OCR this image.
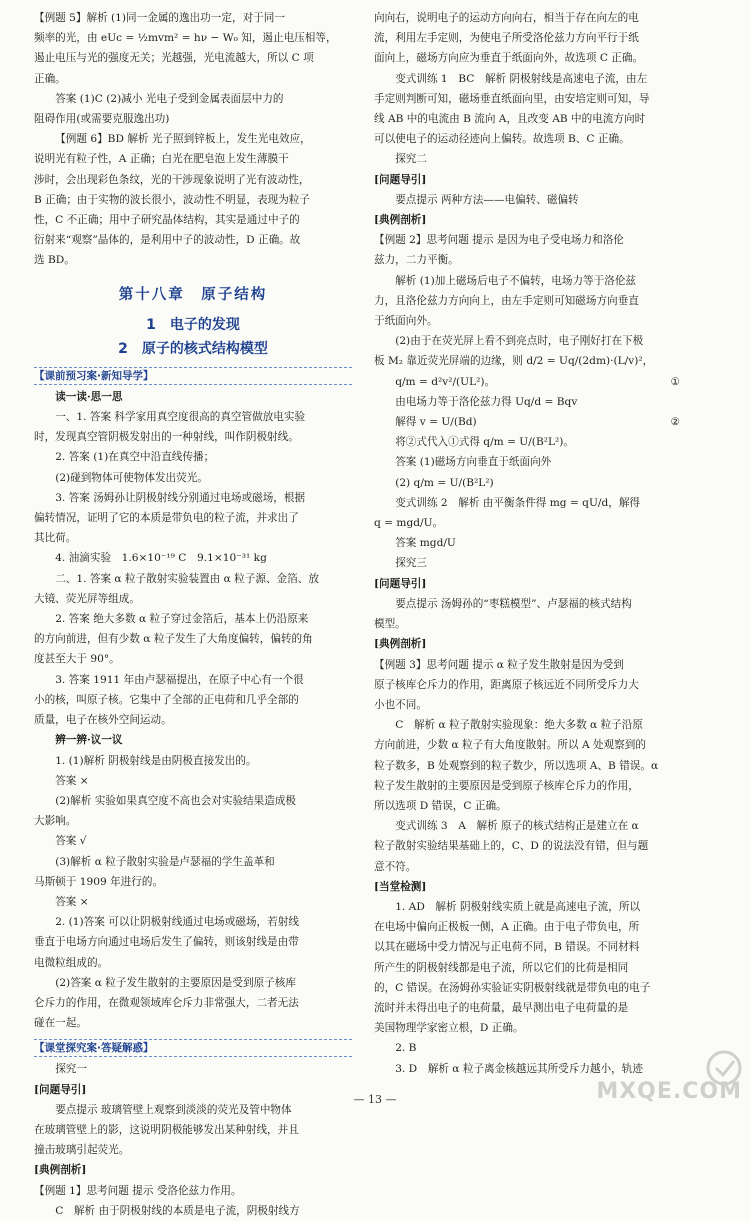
【例题 5】解析 (1)同一金属的逸出功一定，对于同一

频率的光，由 eUc = ½mvm² = hν − W₀ 知，遏止电压相等，

遏止电压与光的强度无关；光越强，光电流越大，所以 C 项

正确。

答案 (1)C (2)减小 光电子受到金属表面层中力的

阻碍作用(或需要克服逸出功)

【例题 6】BD 解析 光子照到锌板上，发生光电效应，

说明光有粒子性，A 正确；白光在肥皂泡上发生薄膜干

涉时，会出现彩色条纹，光的干涉现象说明了光有波动性，

B 正确；由于实物的波长很小，波动性不明显，表现为粒子

性，C 不正确；用中子研究晶体结构，其实是通过中子的

衍射来“观察”晶体的，是利用中子的波动性，D 正确。故

选 BD。

第十八章　原子结构
1　电子的发现
2　原子的核式结构模型
【课前预习案·新知导学】

读一读·思一思

一、1. 答案 科学家用真空度很高的真空管做放电实验

时，发现真空管阴极发射出的一种射线，叫作阴极射线。

2. 答案 (1)在真空中沿直线传播；

(2)碰到物体可使物体发出荧光。

3. 答案 汤姆孙让阴极射线分别通过电场或磁场，根据

偏转情况，证明了它的本质是带负电的粒子流，并求出了

其比荷。

4. 油滴实验　1.6×10⁻¹⁹ C　9.1×10⁻³¹ kg

二、1. 答案 α 粒子散射实验装置由 α 粒子源、金箔、放

大镜、荧光屏等组成。

2. 答案 绝大多数 α 粒子穿过金箔后，基本上仍沿原来

的方向前进，但有少数 α 粒子发生了大角度偏转，偏转的角

度甚至大于 90°。

3. 答案 1911 年由卢瑟福提出，在原子中心有一个很

小的核，叫原子核。它集中了全部的正电荷和几乎全部的

质量，电子在核外空间运动。

辨一辨·议一议

1. (1)解析 阴极射线是由阴极直接发出的。

答案 ×

(2)解析 实验如果真空度不高也会对实验结果造成极

大影响。

答案 √

(3)解析 α 粒子散射实验是卢瑟福的学生盖革和

马斯顿于 1909 年进行的。

答案 ×

2. (1)答案 可以让阴极射线通过电场或磁场，若射线

垂直于电场方向通过电场后发生了偏转，则该射线是由带

电微粒组成的。

(2)答案 α 粒子发生散射的主要原因是受到原子核库

仑斥力的作用，在微观领域库仑斥力非常强大，二者无法

碰在一起。

【课堂探究案·答疑解惑】

探究一

[问题导引]

要点提示 玻璃管壁上观察到淡淡的荧光及管中物体

在玻璃管壁上的影，这说明阴极能够发出某种射线，并且

撞击玻璃引起荧光。

[典例剖析]

【例题 1】思考问题 提示 受洛伦兹力作用。

C　解析 由于阴极射线的本质是电子流，阴极射线方

向向右，说明电子的运动方向向右，相当于存在向左的电

流，利用左手定则，为使电子所受洛伦兹力方向平行于纸

面向上，磁场方向应为垂直于纸面向外，故选项 C 正确。

变式训练 1　BC　解析 阴极射线是高速电子流，由左

手定则判断可知，磁场垂直纸面向里，由安培定则可知，导

线 AB 中的电流由 B 流向 A，且改变 AB 中的电流方向时

可以使电子的运动径迹向上偏转。故选项 B、C 正确。

探究二

[问题导引]

要点提示 两种方法——电偏转、磁偏转

[典例剖析]

【例题 2】思考问题 提示 是因为电子受电场力和洛伦

兹力，二力平衡。

解析 (1)加上磁场后电子不偏转，电场力等于洛伦兹

力，且洛伦兹力方向向上，由左手定则可知磁场方向垂直

于纸面向外。

(2)由于在荧光屏上看不到亮点时，电子刚好打在下极

板 M₂ 靠近荧光屏端的边缘，则 d/2 = Uq/(2dm)·(L/v)²，

q/m = d²v²/(UL²)。	①

由电场力等于洛伦兹力得 Uq/d = Bqv

解得 v = U/(Bd)	②

将②式代入①式得 q/m = U/(B²L²)。

答案 (1)磁场方向垂直于纸面向外

(2) q/m = U/(B²L²)

变式训练 2　解析 由平衡条件得 mg = qU/d，解得

q = mgd/U。

答案 mgd/U

探究三

[问题导引]

要点提示 汤姆孙的“枣糕模型”、卢瑟福的核式结构

模型。

[典例剖析]

【例题 3】思考问题 提示 α 粒子发生散射是因为受到

原子核库仑斥力的作用，距离原子核远近不同所受斥力大

小也不同。

C　解析 α 粒子散射实验现象：绝大多数 α 粒子沿原

方向前进，少数 α 粒子有大角度散射。所以 A 处观察到的

粒子数多，B 处观察到的粒子数少，所以选项 A、B 错误。α

粒子发生散射的主要原因是受到原子核库仑斥力的作用，

所以选项 D 错误，C 正确。

变式训练 3　A　解析 原子的核式结构正是建立在 α

粒子散射实验结果基础上的，C、D 的说法没有错，但与题

意不符。

[当堂检测]

1. AD　解析 阴极射线实质上就是高速电子流，所以

在电场中偏向正极板一侧，A 正确。由于电子带负电，所

以其在磁场中受力情况与正电荷不同，B 错误。不同材料

所产生的阴极射线都是电子流，所以它们的比荷是相同

的，C 错误。在汤姆孙实验证实阴极射线就是带负电的电子

流时并未得出电子的电荷量，最早测出电子电荷量的是

美国物理学家密立根，D 正确。

2. B

3. D　解析 α 粒子离金核越远其所受斥力越小，轨迹

— 13 —	MXQE.COM
